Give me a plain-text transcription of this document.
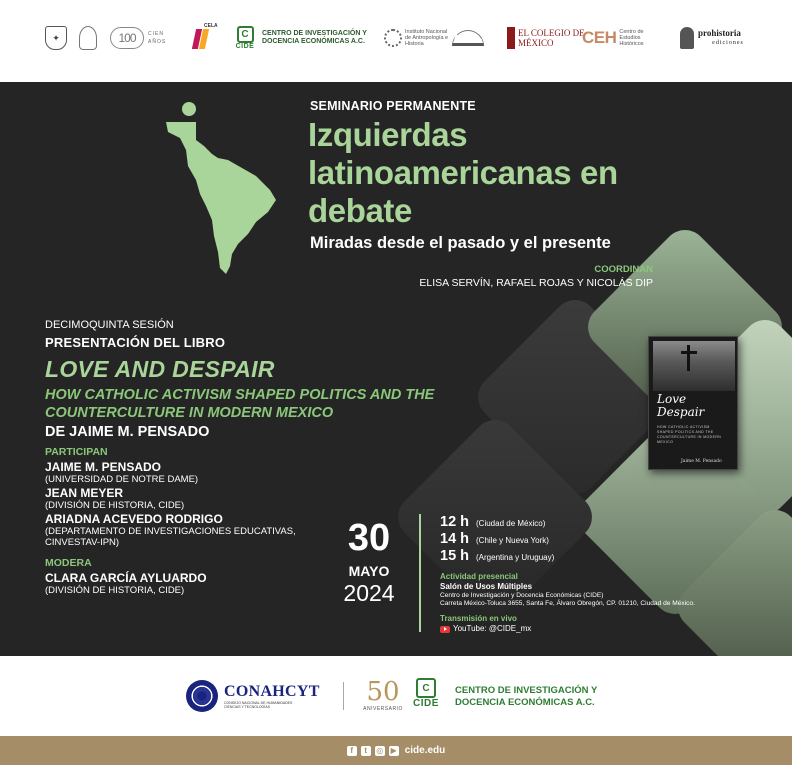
✦	100	CIEN AÑOS
CELA
C
CIDE
CENTRO DE INVESTIGACIÓN Y DOCENCIA ECONÓMICAS A.C.
Instituto Nacional de Antropología e Historia
EL COLEGIO DE MÉXICO	CEH Centro de Estudios Históricos
prohistoria
ediciones
SEMINARIO PERMANENTE
Izquierdas latinoamericanas en debate
Miradas desde el pasado y el presente
COORDINAN
ELISA SERVÍN, RAFAEL ROJAS Y NICOLÁS DIP
DECIMOQUINTA SESIÓN
PRESENTACIÓN DEL LIBRO
LOVE AND DESPAIR
HOW CATHOLIC ACTIVISM SHAPED POLITICS AND THE COUNTERCULTURE IN MODERN MEXICO
DE JAIME M. PENSADO
PARTICIPAN
JAIME M. PENSADO
(UNIVERSIDAD DE NOTRE DAME)
JEAN MEYER
(DIVISIÓN DE HISTORIA, CIDE)
ARIADNA ACEVEDO RODRIGO
(DEPARTAMENTO DE INVESTIGACIONES EDUCATIVAS, CINVESTAV-IPN)
MODERA
CLARA GARCÍA AYLUARDO
(DIVISIÓN DE HISTORIA, CIDE)
30
MAYO
2024
12 h (Ciudad de México)
14 h (Chile y Nueva York)
15 h (Argentina y Uruguay)
Actividad presencial
Salón de Usos Múltiples
Centro de Investigación y Docencia Económicas (CIDE)
Carreta México-Toluca 3655, Santa Fe, Álvaro Obregón, CP. 01210, Ciudad de México.
Transmisión en vivo
YouTube: @CIDE_mx
Love
Despair
HOW CATHOLIC ACTIVISM SHAPED POLITICS AND THE COUNTERCULTURE IN MODERN MEXICO
Jaime M. Pensado
CONAHCYT
CONSEJO NACIONAL DE HUMANIDADES CIENCIAS Y TECNOLOGÍAS	50
ANIVERSARIO
C
CIDE
CENTRO DE INVESTIGACIÓN Y DOCENCIA ECONÓMICAS A.C.
f	t	◎ ▶ cide.edu
